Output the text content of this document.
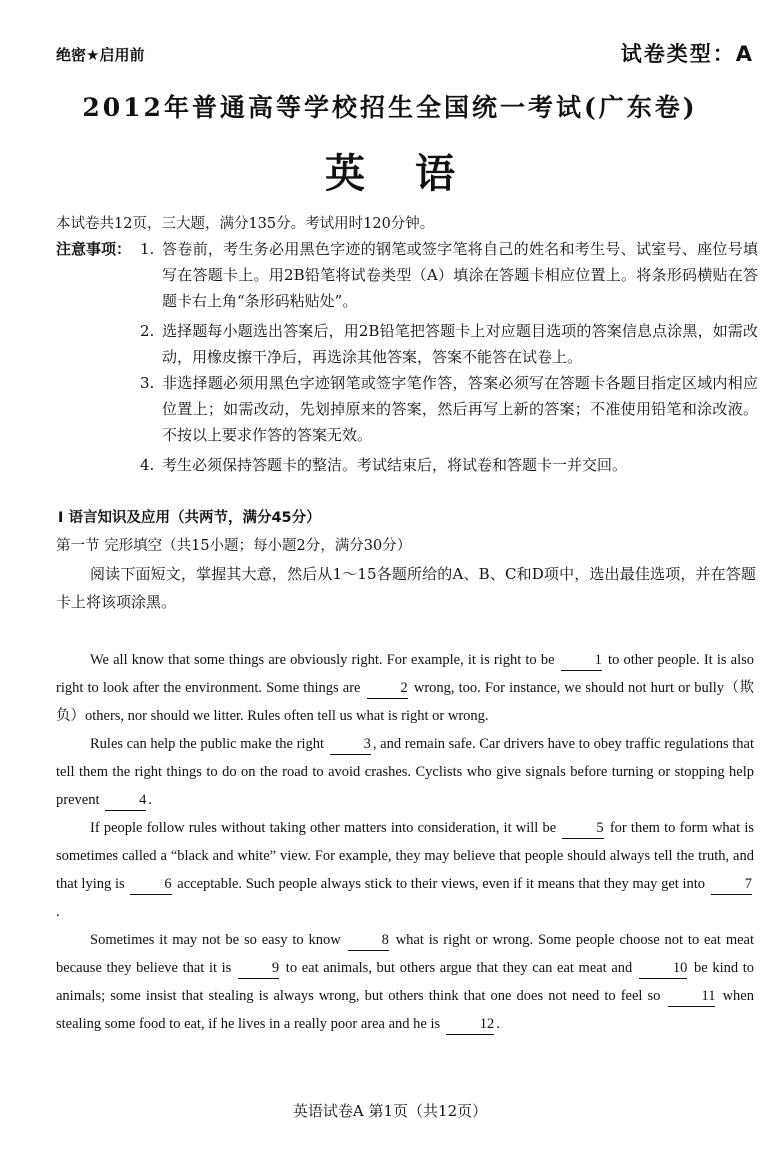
绝密★启用前	试卷类型：A
2012年普通高等学校招生全国统一考试(广东卷)
英语
本试卷共12页，三大题，满分135分。考试用时120分钟。
注意事项： 1. 答卷前，考生务必用黑色字迹的钢笔或签字笔将自己的姓名和考生号、试室号、座位号填写在答题卡上。用2B铅笔将试卷类型（A）填涂在答题卡相应位置上。将条形码横贴在答题卡右上角“条形码粘贴处”。
2. 选择题每小题选出答案后，用2B铅笔把答题卡上对应题目选项的答案信息点涂黑，如需改动，用橡皮擦干净后，再选涂其他答案，答案不能答在试卷上。
3. 非选择题必须用黑色字迹钢笔或签字笔作答，答案必须写在答题卡各题目指定区域内相应位置上；如需改动，先划掉原来的答案，然后再写上新的答案；不准使用铅笔和涂改液。不按以上要求作答的答案无效。
4. 考生必须保持答题卡的整洁。考试结束后，将试卷和答题卡一并交回。
I 语言知识及应用（共两节，满分45分）
第一节 完形填空（共15小题；每小题2分，满分30分）
阅读下面短文，掌握其大意，然后从1～15各题所给的A、B、C和D项中，选出最佳选项，并在答题卡上将该项涂黑。

We all know that some things are obviously right. For example, it is right to be 1 to other people. It is also right to look after the environment. Some things are 2 wrong, too. For instance, we should not hurt or bully（欺负）others, nor should we litter. Rules often tell us what is right or wrong.

Rules can help the public make the right 3 , and remain safe. Car drivers have to obey traffic regulations that tell them the right things to do on the road to avoid crashes. Cyclists who give signals before turning or stopping help prevent 4 .

If people follow rules without taking other matters into consideration, it will be 5 for them to form what is sometimes called a “black and white” view. For example, they may believe that people should always tell the truth, and that lying is 6 acceptable. Such people always stick to their views, even if it means that they may get into 7.

Sometimes it may not be so easy to know 8 what is right or wrong. Some people choose not to eat meat because they believe that it is 9 to eat animals, but others argue that they can eat meat and 10 be kind to animals; some insist that stealing is always wrong, but others think that one does not need to feel so 11 when stealing some food to eat, if he lives in a really poor area and he is 12 .

英语试卷A 第1页（共12页）
